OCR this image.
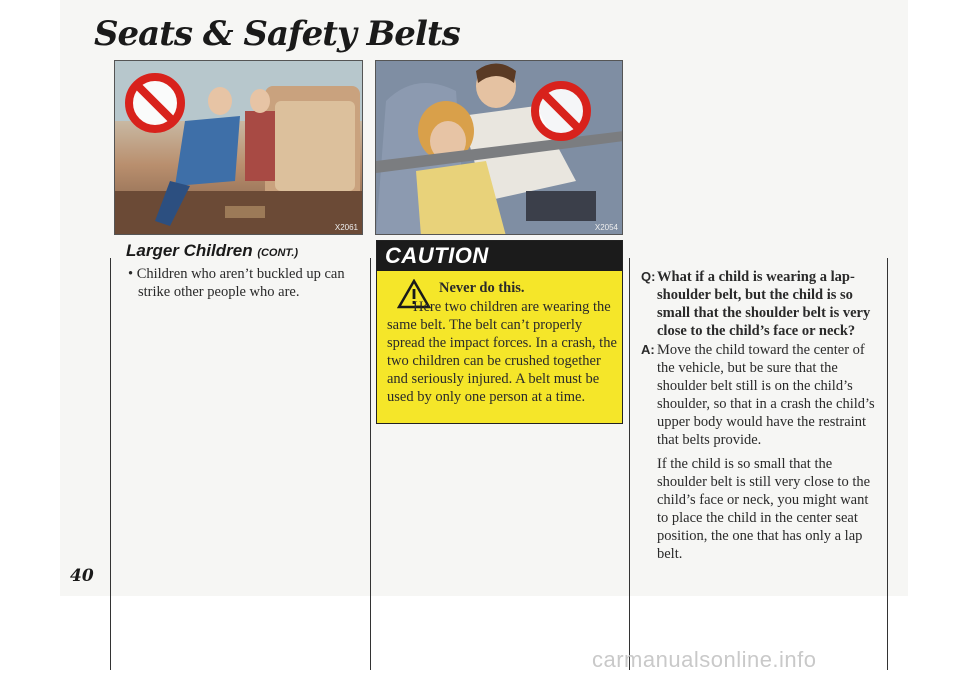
Seats & Safety Belts
X2061	X2054
Larger Children (CONT.)
• Children who aren’t buckled up can strike other people who are.
CAUTION
Never do this.
Here two children are wearing the same belt. The belt can’t properly spread the impact forces. In a crash, the two children can be crushed together and seriously injured. A belt must be used by only one person at a time.
Q: What if a child is wearing a lap-shoulder belt, but the child is so small that the shoulder belt is very close to the child’s face or neck?
A: Move the child toward the center of the vehicle, but be sure that the shoulder belt still is on the child’s shoulder, so that in a crash the child’s upper body would have the restraint that belts provide.
If the child is so small that the shoulder belt is still very close to the child’s face or neck, you might want to place the child in the center seat position, the one that has only a lap belt.
40
carmanualsonline.info
